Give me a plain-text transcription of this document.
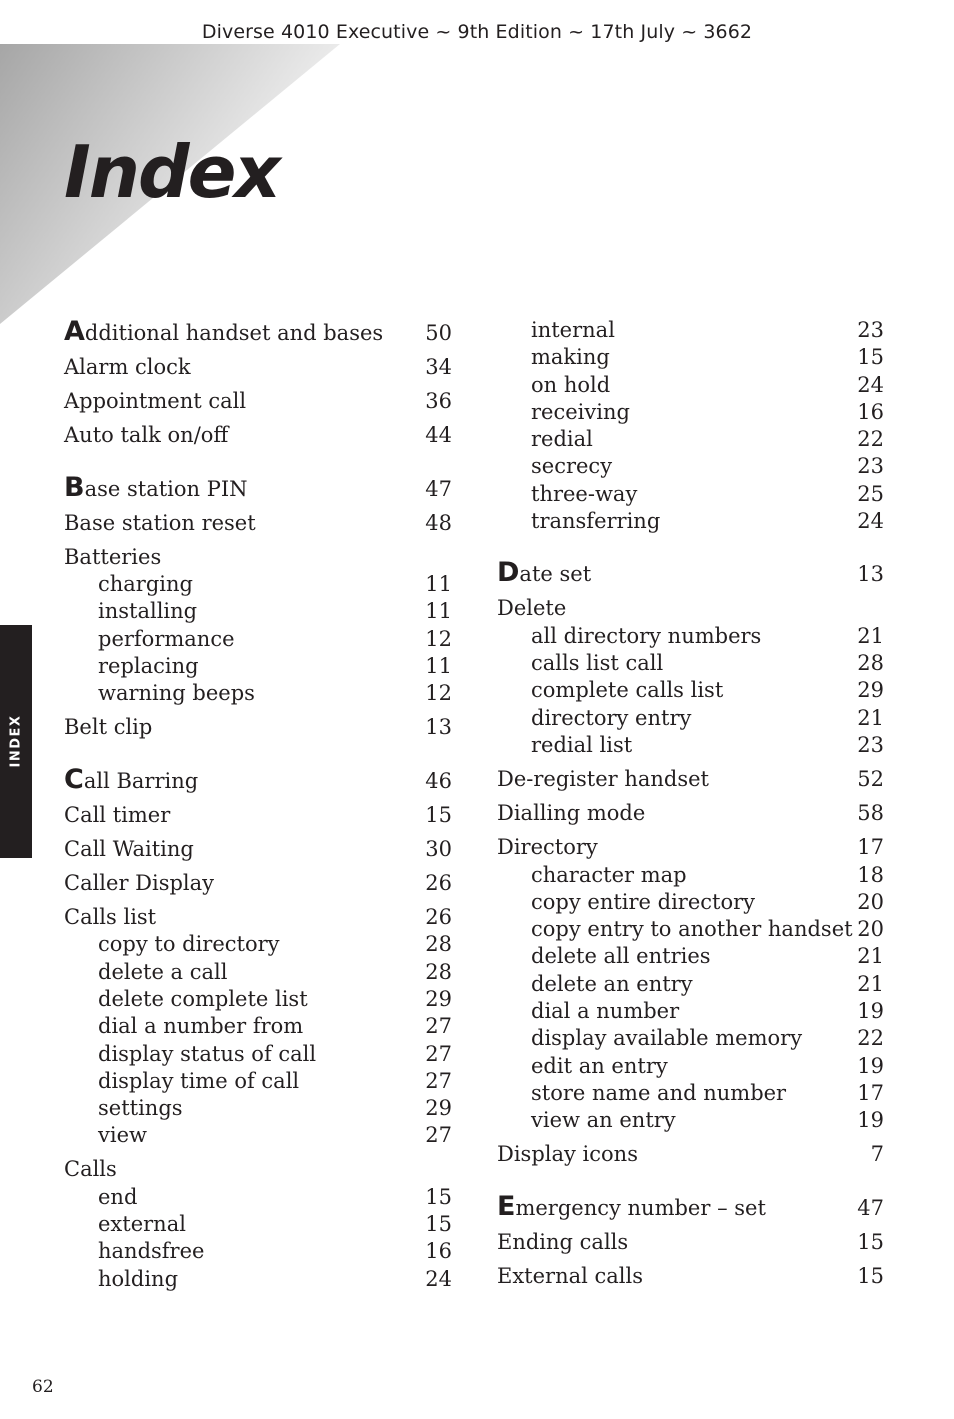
Diverse 4010 Executive ~ 9th Edition ~ 17th July ~ 3662
Index
INDEX
Additional handset and bases 50
Alarm clock	34
Appointment call	36
Auto talk on/off	44
Base station PIN	47
Base station reset	48
Batteries
charging	11
installing	11
performance	12
replacing	11
warning beeps	12
Belt clip	13
Call Barring	46
Call timer	15
Call Waiting	30
Caller Display	26
Calls list	26
copy to directory	28
delete a call	28
delete complete list	29
dial a number from	27
display status of call	27
display time of call	27
settings	29
view	27
Calls
end	15
external	15
handsfree	16
holding	24
internal	23
making	15
on hold	24
receiving	16
redial	22
secrecy	23
three-way	25
transferring	24
Date set	13
Delete
all directory numbers	21
calls list call	28
complete calls list	29
directory entry	21
redial list	23
De-register handset	52
Dialling mode	58
Directory	17
character map	18
copy entire directory	20
copy entry to another handset 20
delete all entries	21
delete an entry	21
dial a number	19
display available memory	22
edit an entry	19
store name and number	17
view an entry	19
Display icons	7
Emergency number – set	47
Ending calls	15
External calls	15
62
